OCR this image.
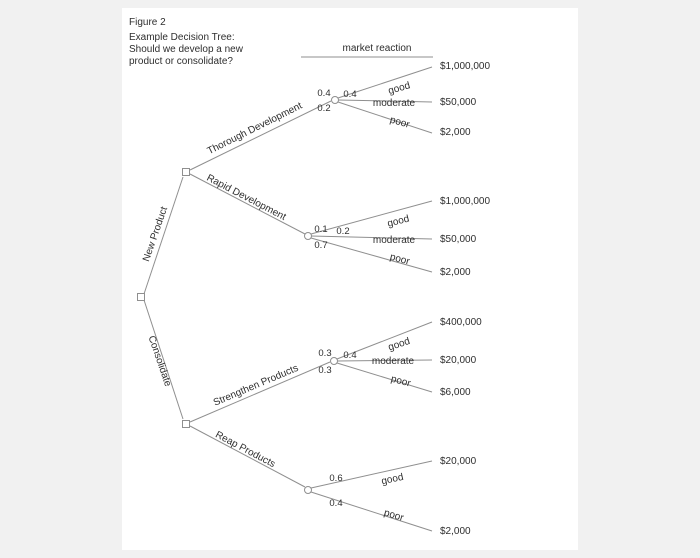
Figure 2
Example Decision Tree:
Should we develop a new
product or consolidate?
market reaction
New Product
Consolidate
Thorough Development
Rapid Development
Strengthen Products
Reap Products
0.4 0.4
0.2
good
moderate
poor
$1,000,000
$50,000
$2,000
0.1 0.2
0.7
good
moderate
poor
$1,000,000
$50,000
$2,000
0.3 0.4
0.3
good
moderate
poor
$400,000
$20,000
$6,000
0.6
0.4
good
poor
$20,000
$2,000
